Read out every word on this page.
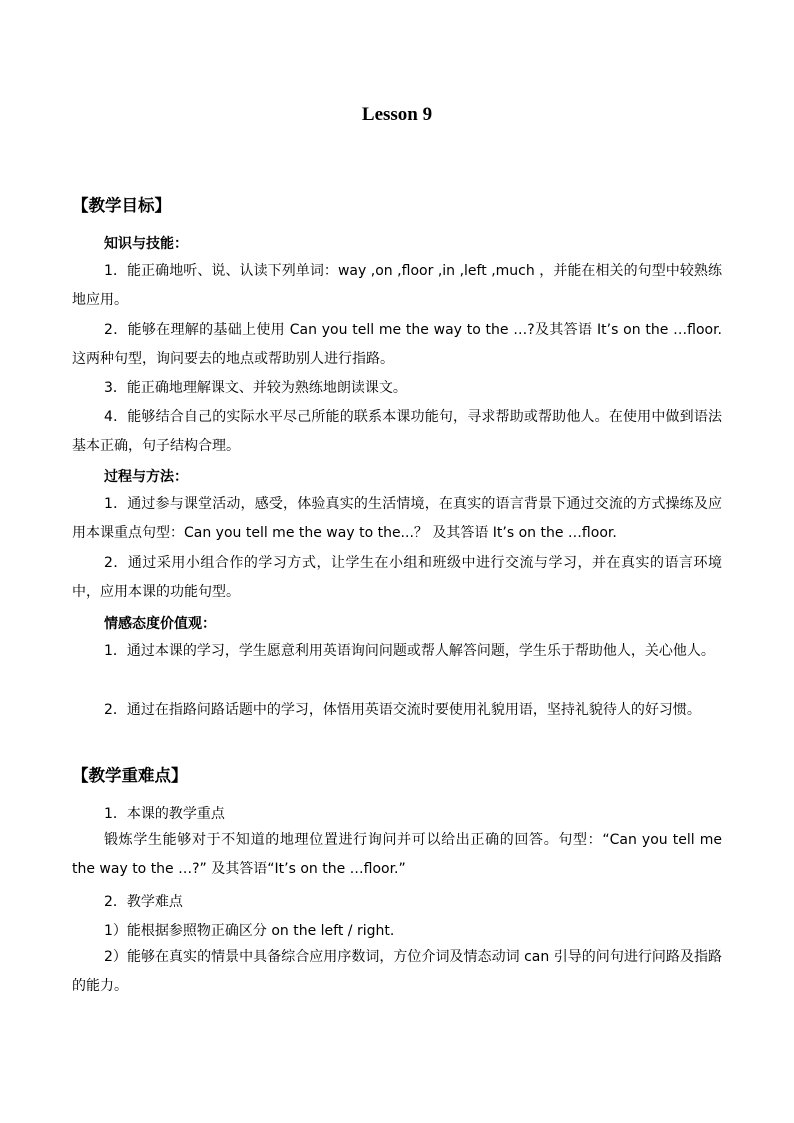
Lesson 9
【教学目标】
知识与技能：
1．能正确地听、说、认读下列单词：way ,on ,floor ,in ,left ,much ，并能在相关的句型中较熟练地应用。
2．能够在理解的基础上使用 Can you tell me the way to the …?及其答语 It’s on the …floor. 这两种句型，询问要去的地点或帮助别人进行指路。
3．能正确地理解课文、并较为熟练地朗读课文。
4．能够结合自己的实际水平尽己所能的联系本课功能句，寻求帮助或帮助他人。在使用中做到语法基本正确，句子结构合理。
过程与方法：
1．通过参与课堂活动，感受，体验真实的生活情境，在真实的语言背景下通过交流的方式操练及应用本课重点句型：Can you tell me the way to the...？ 及其答语 It’s on the …floor.
2．通过采用小组合作的学习方式，让学生在小组和班级中进行交流与学习，并在真实的语言环境中，应用本课的功能句型。
情感态度价值观：
1．通过本课的学习，学生愿意利用英语询问问题或帮人解答问题，学生乐于帮助他人，关心他人。
2．通过在指路问路话题中的学习，体悟用英语交流时要使用礼貌用语，坚持礼貌待人的好习惯。
【教学重难点】
1．本课的教学重点
锻炼学生能够对于不知道的地理位置进行询问并可以给出正确的回答。句型：“Can you tell me the way to the …?” 及其答语“It’s on the …floor.”
2．教学难点
1）能根据参照物正确区分 on the left / right.
2）能够在真实的情景中具备综合应用序数词，方位介词及情态动词 can 引导的问句进行问路及指路的能力。
